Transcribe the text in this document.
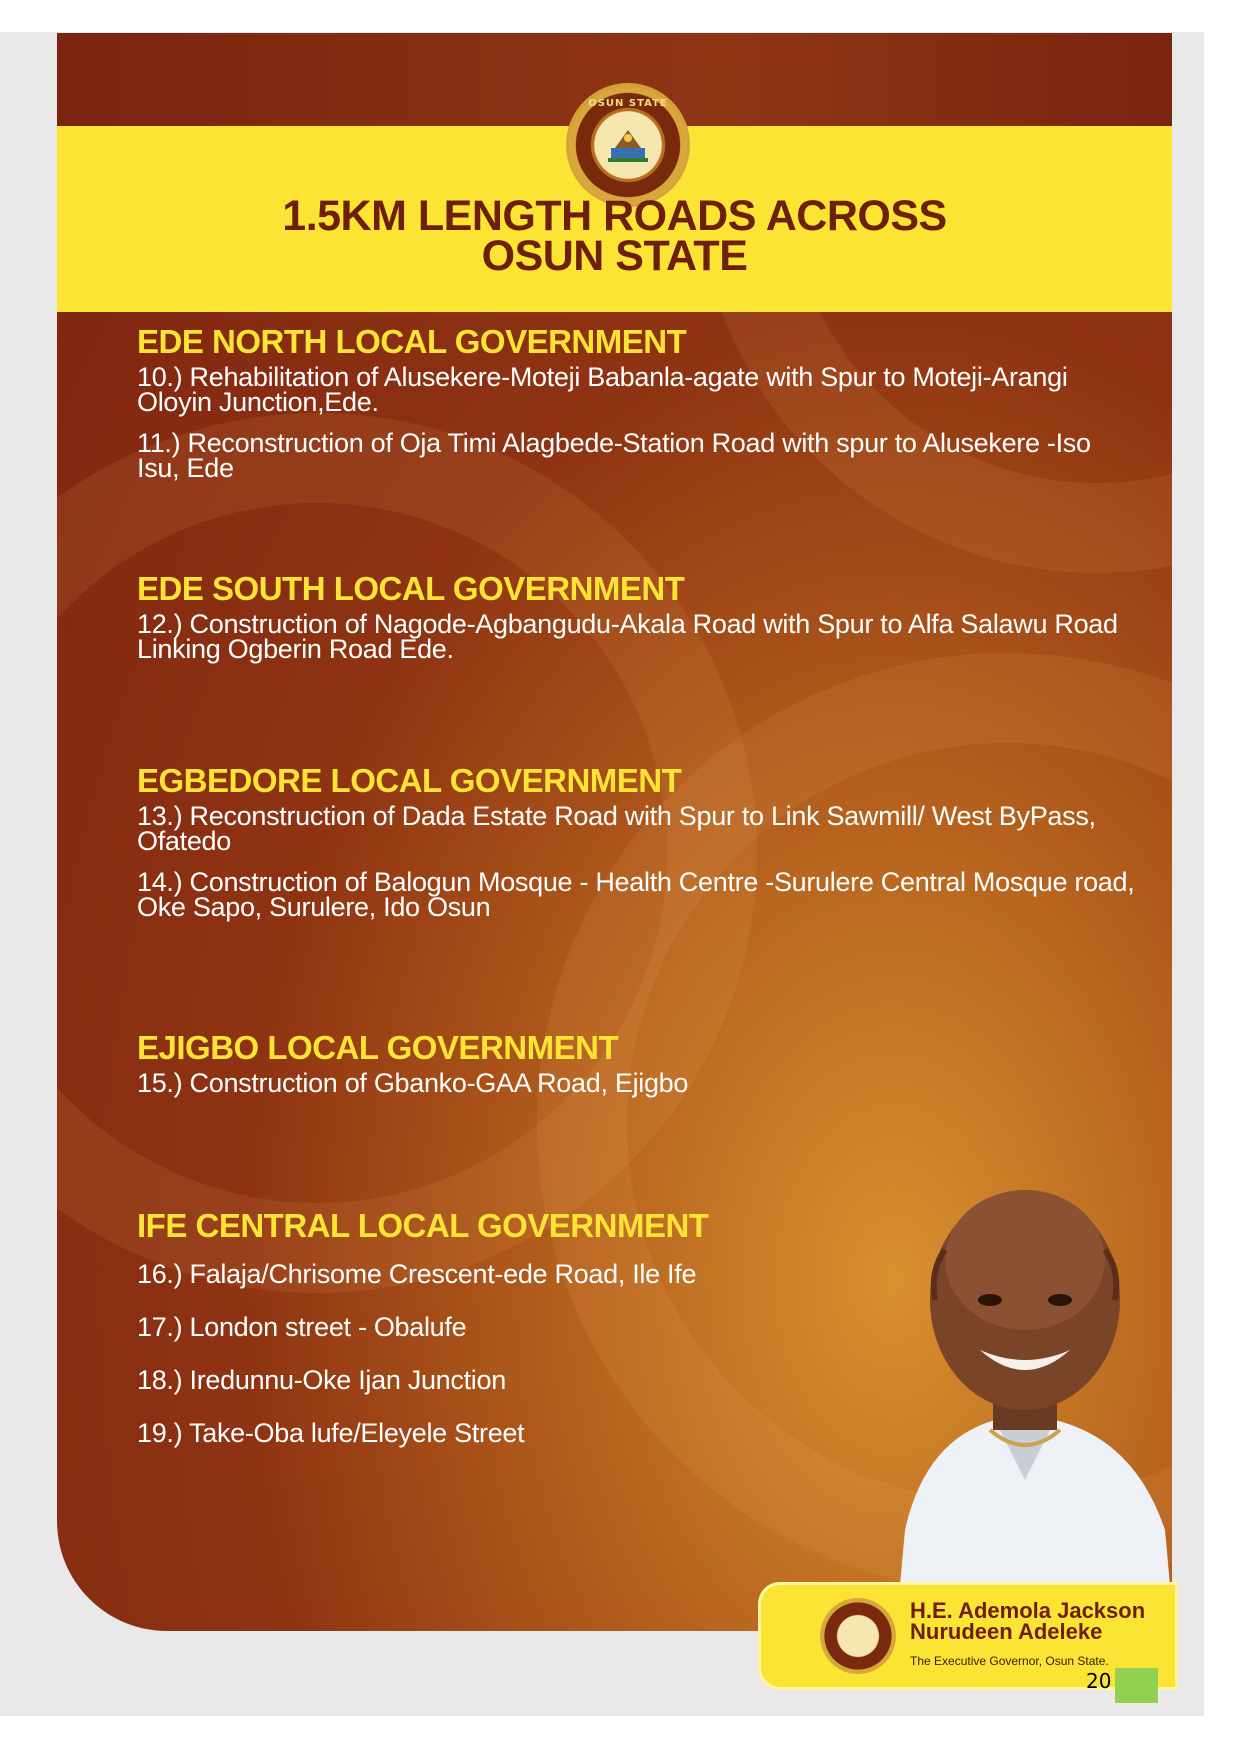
OSUN STATE
1.5KM LENGTH ROADS ACROSS
OSUN STATE
EDE NORTH LOCAL GOVERNMENT
10.) Rehabilitation of Alusekere-Moteji Babanla-agate with Spur to Moteji-Arangi Oloyin Junction,Ede.
11.) Reconstruction of Oja Timi Alagbede-Station Road with spur to Alusekere -Iso Isu, Ede
EDE SOUTH LOCAL GOVERNMENT
12.) Construction of Nagode-Agbangudu-Akala Road with Spur to Alfa Salawu Road Linking Ogberin Road Ede.
EGBEDORE LOCAL GOVERNMENT
13.) Reconstruction of Dada Estate Road with Spur to Link Sawmill/ West ByPass, Ofatedo
14.) Construction of Balogun Mosque - Health Centre -Surulere Central Mosque road, Oke Sapo, Surulere, Ido Osun
EJIGBO LOCAL GOVERNMENT
15.) Construction of Gbanko-GAA Road, Ejigbo
IFE CENTRAL LOCAL GOVERNMENT
16.) Falaja/Chrisome Crescent-ede Road, Ile Ife
17.) London street - Obalufe
18.) Iredunnu-Oke Ijan Junction
19.) Take-Oba lufe/Eleyele Street
H.E. Ademola Jackson
Nurudeen Adeleke
The Executive Governor, Osun State.
20
